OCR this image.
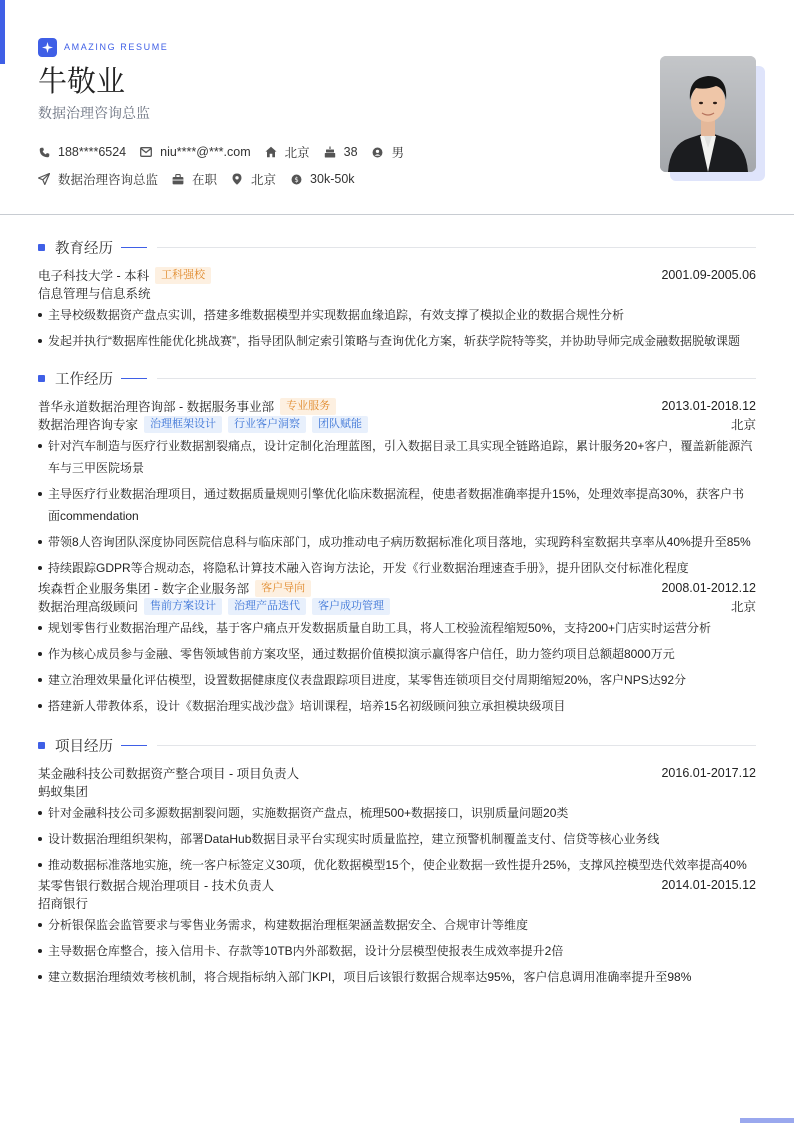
AMAZING RESUME
牛敬业
数据治理咨询总监
188****6524	niu****@***.com	北京	38	男
数据治理咨询总监	在职	北京 $ 30k-50k
教育经历
电子科技大学 - 本科	工科强校	2001.09-2005.06
信息管理与信息系统
主导校级数据资产盘点实训，搭建多维数据模型并实现数据血缘追踪，有效支撑了模拟企业的数据合规性分析
发起并执行“数据库性能优化挑战赛”，指导团队制定索引策略与查询优化方案，斩获学院特等奖，并协助导师完成金融数据脱敏课题
工作经历
普华永道数据治理咨询部 - 数据服务事业部	专业服务	2013.01-2018.12
数据治理咨询专家	治理框架设计	行业客户洞察	团队赋能	北京
针对汽车制造与医疗行业数据割裂痛点，设计定制化治理蓝图，引入数据目录工具实现全链路追踪，累计服务20+客户，覆盖新能源汽车与三甲医院场景
主导医疗行业数据治理项目，通过数据质量规则引擎优化临床数据流程，使患者数据准确率提升15%，处理效率提高30%，获客户书面commendation
带领8人咨询团队深度协同医院信息科与临床部门，成功推动电子病历数据标准化项目落地，实现跨科室数据共享率从40%提升至85%
持续跟踪GDPR等合规动态，将隐私计算技术融入咨询方法论，开发《行业数据治理速查手册》，提升团队交付标准化程度
埃森哲企业服务集团 - 数字企业服务部	客户导向	2008.01-2012.12
数据治理高级顾问	售前方案设计	治理产品迭代	客户成功管理	北京
规划零售行业数据治理产品线，基于客户痛点开发数据质量自助工具，将人工校验流程缩短50%，支持200+门店实时运营分析
作为核心成员参与金融、零售领域售前方案攻坚，通过数据价值模拟演示赢得客户信任，助力签约项目总额超8000万元
建立治理效果量化评估模型，设置数据健康度仪表盘跟踪项目进度，某零售连锁项目交付周期缩短20%，客户NPS达92分
搭建新人带教体系，设计《数据治理实战沙盘》培训课程，培养15名初级顾问独立承担模块级项目
项目经历
某金融科技公司数据资产整合项目 - 项目负责人	2016.01-2017.12
蚂蚁集团
针对金融科技公司多源数据割裂问题，实施数据资产盘点，梳理500+数据接口，识别质量问题20类
设计数据治理组织架构，部署DataHub数据目录平台实现实时质量监控，建立预警机制覆盖支付、信贷等核心业务线
推动数据标准落地实施，统一客户标签定义30项，优化数据模型15个，使企业数据一致性提升25%，支撑风控模型迭代效率提高40%
某零售银行数据合规治理项目 - 技术负责人	2014.01-2015.12
招商银行
分析银保监会监管要求与零售业务需求，构建数据治理框架涵盖数据安全、合规审计等维度
主导数据仓库整合，接入信用卡、存款等10TB内外部数据，设计分层模型使报表生成效率提升2倍
建立数据治理绩效考核机制，将合规指标纳入部门KPI，项目后该银行数据合规率达95%，客户信息调用准确率提升至98%
